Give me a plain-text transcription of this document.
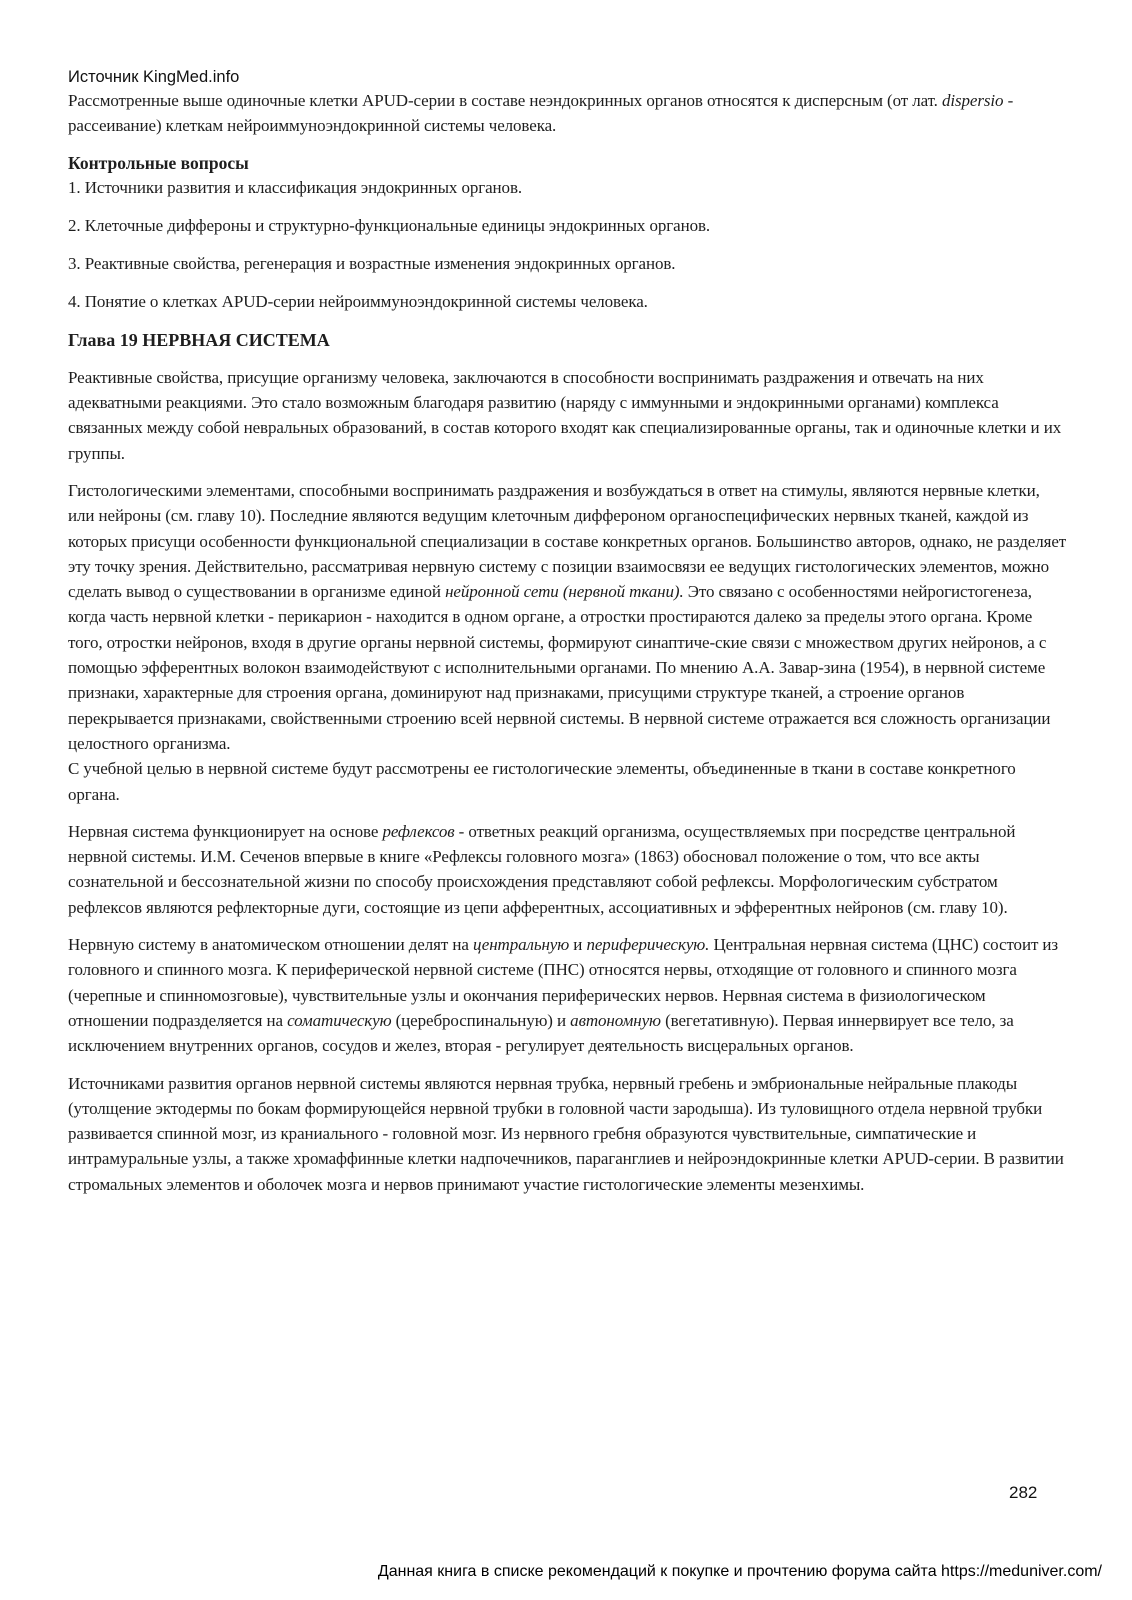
Источник KingMed.info

Рассмотренные выше одиночные клетки APUD-серии в составе неэндокринных органов относятся к дисперсным (от лат. dispersio - рассеивание) клеткам нейроиммуноэндокринной системы человека.

Контрольные вопросы

1. Источники развития и классификация эндокринных органов.

2. Клеточные диффероны и структурно-функциональные единицы эндокринных органов.

3. Реактивные свойства, регенерация и возрастные изменения эндокринных органов.

4. Понятие о клетках APUD-серии нейроиммуноэндокринной системы человека.

Глава 19 НЕРВНАЯ СИСТЕМА

Реактивные свойства, присущие организму человека, заключаются в способности воспринимать раздражения и отвечать на них адекватными реакциями. Это стало возможным благодаря развитию (наряду с иммунными и эндокринными органами) комплекса связанных между собой невральных образований, в состав которого входят как специализированные органы, так и одиночные клетки и их группы.

Гистологическими элементами, способными воспринимать раздражения и возбуждаться в ответ на стимулы, являются нервные клетки, или нейроны (см. главу 10). Последние являются ведущим клеточным диффероном органоспецифических нервных тканей, каждой из которых присущи особенности функциональной специализации в составе конкретных органов. Большинство авторов, однако, не разделяет эту точку зрения. Действительно, рассматривая нервную систему с позиции взаимосвязи ее ведущих гистологических элементов, можно сделать вывод о существовании в организме единой нейронной сети (нервной ткани). Это связано с особенностями нейрогистогенеза, когда часть нервной клетки - перикарион - находится в одном органе, а отростки простираются далеко за пределы этого органа. Кроме того, отростки нейронов, входя в другие органы нервной системы, формируют синаптиче-ские связи с множеством других нейронов, а с помощью эфферентных волокон взаимодействуют с исполнительными органами. По мнению А.А. Завар-зина (1954), в нервной системе признаки, характерные для строения органа, доминируют над признаками, присущими структуре тканей, а строение органов перекрывается признаками, свойственными строению всей нервной системы. В нервной системе отражается вся сложность организации целостного организма.
С учебной целью в нервной системе будут рассмотрены ее гистологические элементы, объединенные в ткани в составе конкретного органа.

Нервная система функционирует на основе рефлексов - ответных реакций организма, осуществляемых при посредстве центральной нервной системы. И.М. Сеченов впервые в книге «Рефлексы головного мозга» (1863) обосновал положение о том, что все акты сознательной и бессознательной жизни по способу происхождения представляют собой рефлексы. Морфологическим субстратом рефлексов являются рефлекторные дуги, состоящие из цепи афферентных, ассоциативных и эфферентных нейронов (см. главу 10).

Нервную систему в анатомическом отношении делят на центральную и периферическую. Центральная нервная система (ЦНС) состоит из головного и спинного мозга. К периферической нервной системе (ПНС) относятся нервы, отходящие от головного и спинного мозга (черепные и спинномозговые), чувствительные узлы и окончания периферических нервов. Нервная система в физиологическом отношении подразделяется на соматическую (цереброспинальную) и автономную (вегетативную). Первая иннервирует все тело, за исключением внутренних органов, сосудов и желез, вторая - регулирует деятельность висцеральных органов.

Источниками развития органов нервной системы являются нервная трубка, нервный гребень и эмбриональные нейральные плакоды (утолщение эктодермы по бокам формирующейся нервной трубки в головной части зародыша). Из туловищного отдела нервной трубки развивается спинной мозг, из краниального - головной мозг. Из нервного гребня образуются чувствительные, симпатические и интрамуральные узлы, а также хромаффинные клетки надпочечников, параганглиев и нейроэндокринные клетки APUD-серии. В развитии стромальных элементов и оболочек мозга и нервов принимают участие гистологические элементы мезенхимы.

282
Данная книга в списке рекомендаций к покупке и прочтению форума сайта https://meduniver.com/
